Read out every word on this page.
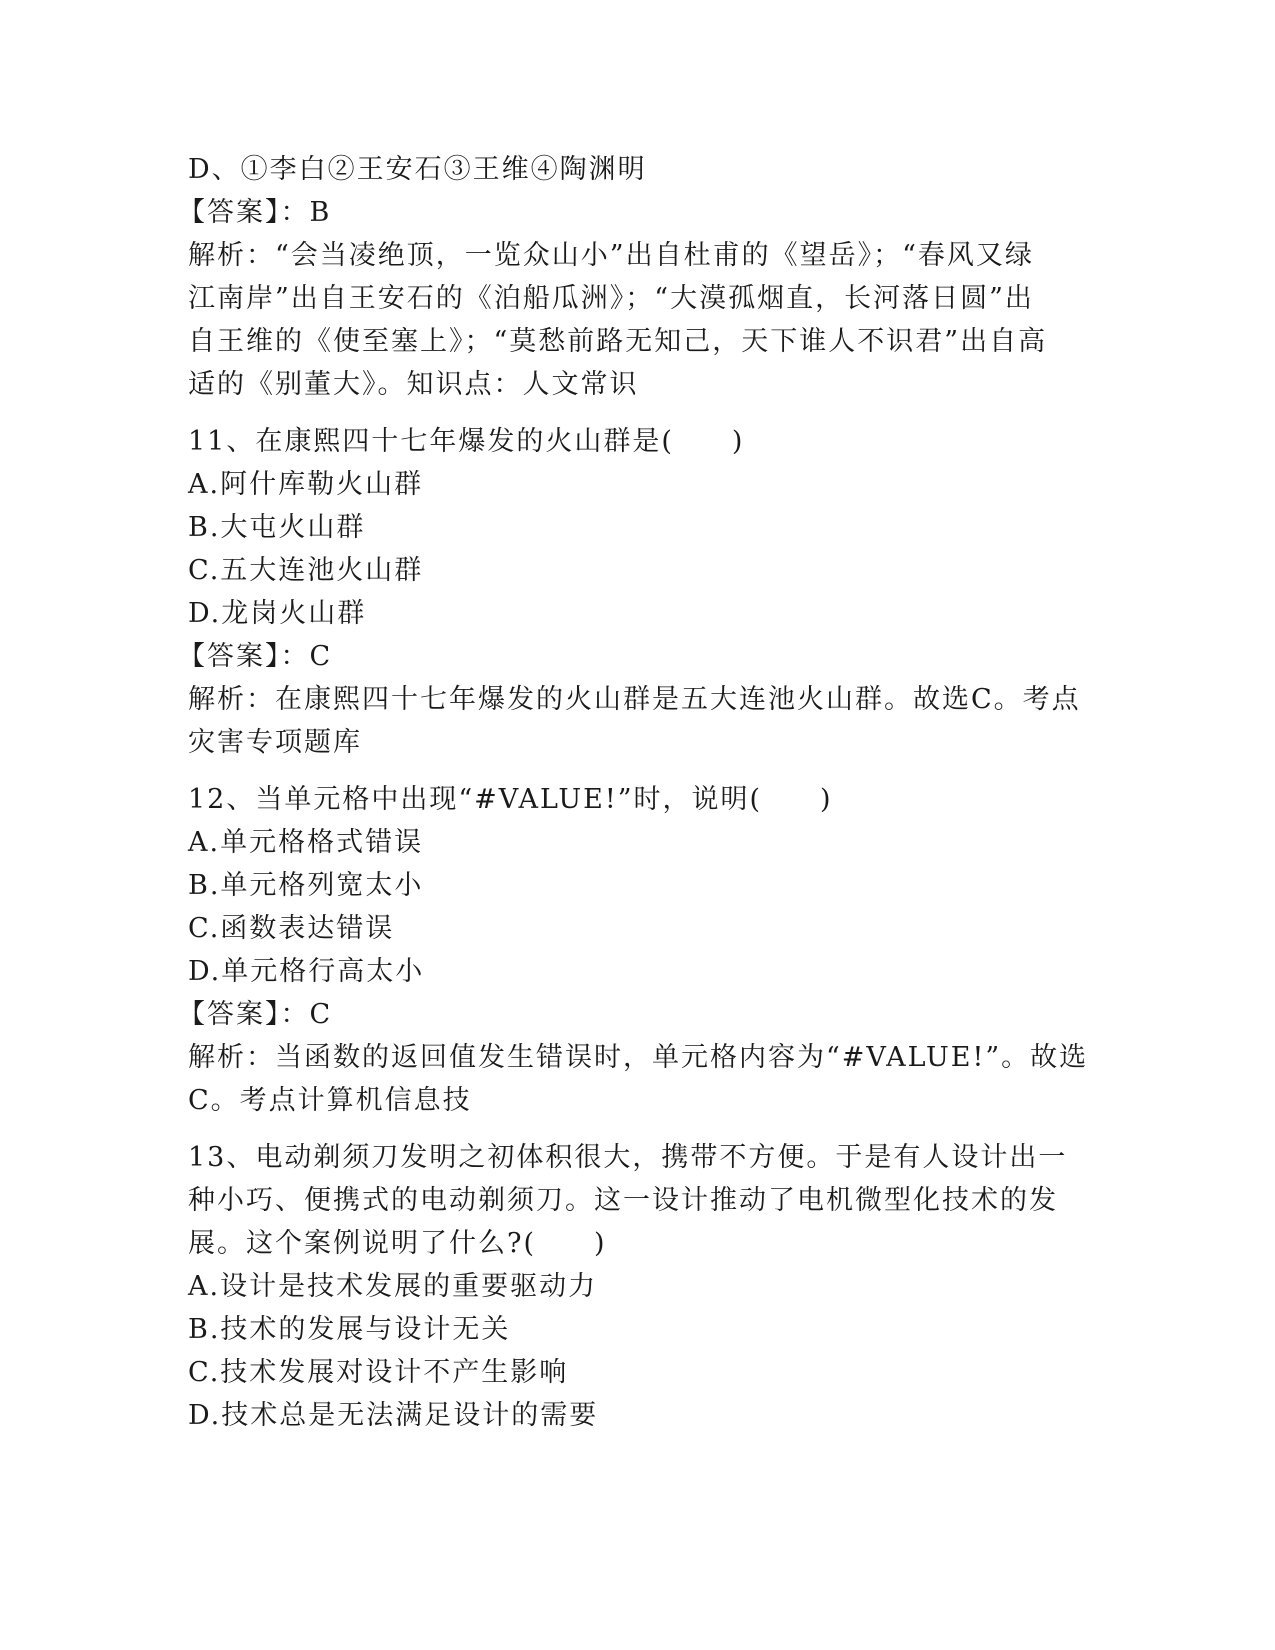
D、①李白②王安石③王维④陶渊明
【答案】：B
解析：“会当凌绝顶，一览众山小”出自杜甫的《望岳》；“春风又绿
江南岸”出自王安石的《泊船瓜洲》；“大漠孤烟直，长河落日圆”出
自王维的《使至塞上》；“莫愁前路无知己，天下谁人不识君”出自高
适的《别董大》。知识点：人文常识
11、在康熙四十七年爆发的火山群是(　　)
A.阿什库勒火山群
B.大屯火山群
C.五大连池火山群
D.龙岗火山群
【答案】：C
解析：在康熙四十七年爆发的火山群是五大连池火山群。故选C。考点
灾害专项题库
12、当单元格中出现“#VALUE!”时，说明(　　)
A.单元格格式错误
B.单元格列宽太小
C.函数表达错误
D.单元格行高太小
【答案】：C
解析：当函数的返回值发生错误时，单元格内容为“#VALUE!”。故选
C。考点计算机信息技
13、电动剃须刀发明之初体积很大，携带不方便。于是有人设计出一
种小巧、便携式的电动剃须刀。这一设计推动了电机微型化技术的发
展。这个案例说明了什么?(　　)
A.设计是技术发展的重要驱动力
B.技术的发展与设计无关
C.技术发展对设计不产生影响
D.技术总是无法满足设计的需要
